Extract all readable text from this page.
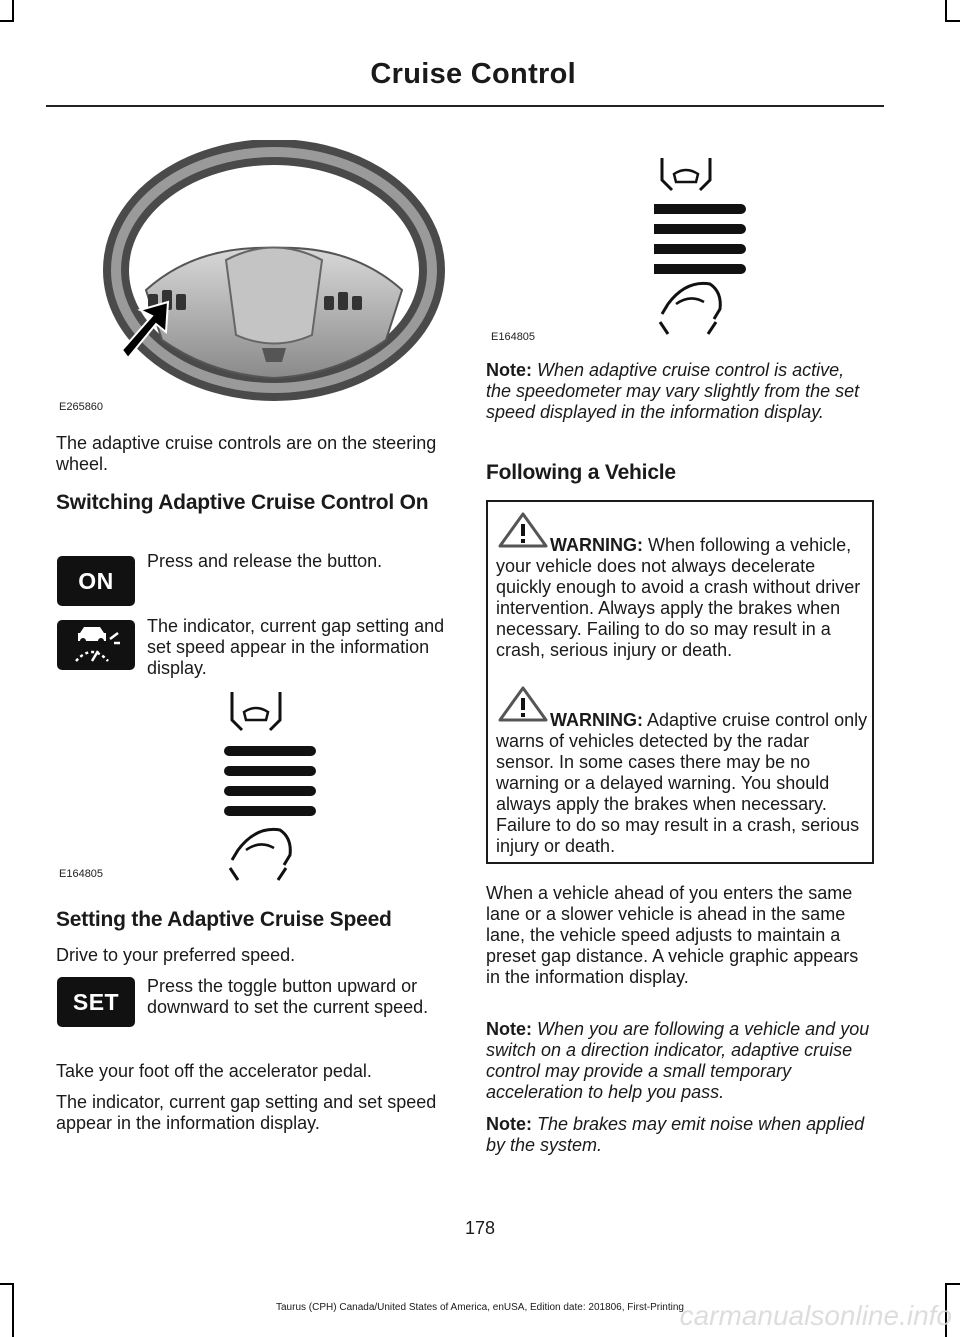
Cruise Control
E265860

The adaptive cruise controls are on the steering wheel.

Switching Adaptive Cruise Control On
ON

Press and release the button.

The indicator, current gap setting and set speed appear in the information display.

E164805
Setting the Adaptive Cruise Speed

Drive to your preferred speed.

SET

Press the toggle button upward or downward to set the current speed.

Take your foot off the accelerator pedal.

The indicator, current gap setting and set speed appear in the information display.

E164805

Note: When adaptive cruise control is active, the speedometer may vary slightly from the set speed displayed in the information display.

Following a Vehicle

WARNING: When following a vehicle, your vehicle does not always decelerate quickly enough to avoid a crash without driver intervention. Always apply the brakes when necessary. Failing to do so may result in a crash, serious injury or death.

WARNING: Adaptive cruise control only warns of vehicles detected by the radar sensor. In some cases there may be no warning or a delayed warning. You should always apply the brakes when necessary. Failure to do so may result in a crash, serious injury or death.

When a vehicle ahead of you enters the same lane or a slower vehicle is ahead in the same lane, the vehicle speed adjusts to maintain a preset gap distance. A vehicle graphic appears in the information display.

Note: When you are following a vehicle and you switch on a direction indicator, adaptive cruise control may provide a small temporary acceleration to help you pass.

Note: The brakes may emit noise when applied by the system.

178
Taurus (CPH) Canada/United States of America, enUSA, Edition date: 201806, First-Printing
carmanualsonline.info
